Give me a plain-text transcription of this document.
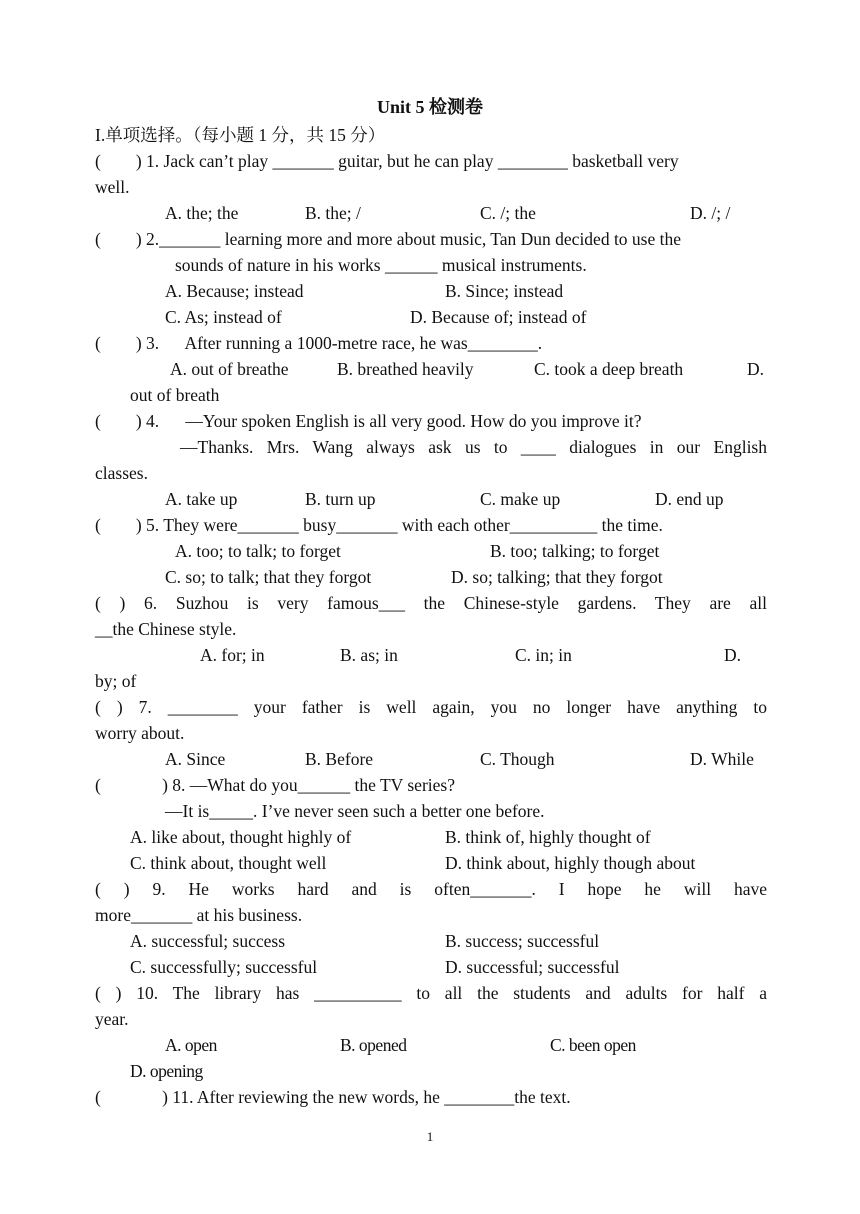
Unit 5 检测卷
I.单项选择。（每小题 1 分，共 15 分）
(        ) 1. Jack can’t play _______ guitar, but he can play ________ basketball very
well.
A. the; the	B. the; /	C. /; the	D. /; /
(        ) 2._______ learning more and more about music, Tan Dun decided to use the
sounds of nature in his works ______ musical instruments.
A. Because; instead	B. Since; instead
C. As; instead of	D. Because of; instead of
(        ) 3.      After running a 1000-metre race, he was________.
A. out of breathe	B. breathed heavily	C. took a deep breath	D.
out of breath
(        ) 4.      —Your spoken English is all very good. How do you improve it?
—Thanks. Mrs. Wang always ask us to ____ dialogues in our English
classes.
A. take up	B. turn up	C. make up	D. end up
(        ) 5. They were_______ busy_______ with each other__________ the time.
A. too; to talk; to forget	B. too; talking; to forget
C. so; to talk; that they forgot	D. so; talking; that they forgot
( ) 6. Suzhou is very famous___ the Chinese-style gardens. They are all
__the Chinese style.
A. for; in	B. as; in	C. in; in	D.
by; of
( ) 7. ________ your father is well again, you no longer have anything to
worry about.
A. Since	B. Before	C. Though	D. While
(              ) 8. —What do you______ the TV series?
—It is_____. I’ve never seen such a better one before.
A. like about, thought highly of	B. think of, highly thought of
C. think about, thought well	D. think about, highly though about
( ) 9. He works hard and is often_______. I hope he will have
more_______ at his business.
A. successful; success	B. success; successful
C. successfully; successful	D. successful; successful
( ) 10. The library has __________ to all the students and adults for half a
year.
A. open	B. opened	C. been open
D. opening
(              ) 11. After reviewing the new words, he ________the text.
1
